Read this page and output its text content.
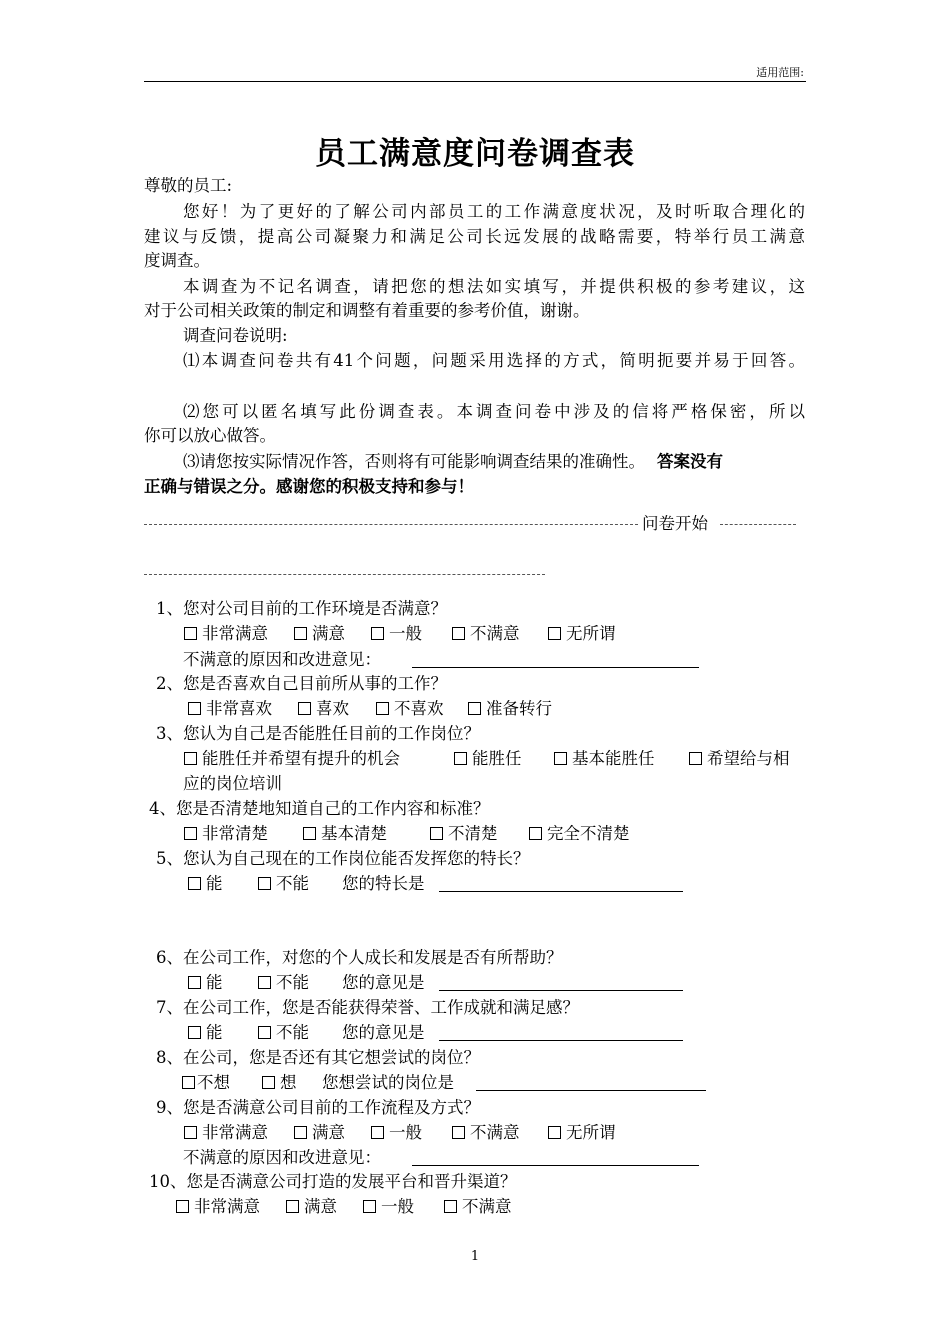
适用范围:
员工满意度问卷调查表
尊敬的员工:
您好！为了更好的了解公司内部员工的工作满意度状况，及时听取合理化的
建议与反馈，提高公司凝聚力和满足公司长远发展的战略需要，特举行员工满意
度调查。
本调查为不记名调查，请把您的想法如实填写，并提供积极的参考建议，这
对于公司相关政策的制定和调整有着重要的参考价值，谢谢。
调查问卷说明:
⑴本调查问卷共有41个问题，问题采用选择的方式，简明扼要并易于回答。
⑵您可以匿名填写此份调查表。本调查问卷中涉及的信将严格保密，所以
你可以放心做答。
⑶请您按实际情况作答，否则将有可能影响调查结果的准确性。 答案没有
正确与错误之分。感谢您的积极支持和参与！
问卷开始
1、您对公司目前的工作环境是否满意？
非常满意	满意	一般	不满意	无所谓
不满意的原因和改进意见：
2、您是否喜欢自己目前所从事的工作？
非常喜欢	喜欢	不喜欢	准备转行
3、您认为自己是否能胜任目前的工作岗位？
能胜任并希望有提升的机会	能胜任	基本能胜任	希望给与相
应的岗位培训
4、您是否清楚地知道自己的工作内容和标准？
非常清楚	基本清楚	不清楚	完全不清楚
5、您认为自己现在的工作岗位能否发挥您的特长？
能	不能 您的特长是
6、在公司工作，对您的个人成长和发展是否有所帮助？
能	不能 您的意见是
7、在公司工作，您是否能获得荣誉、工作成就和满足感？
能	不能 您的意见是
8、在公司，您是否还有其它想尝试的岗位？
不想	想 您想尝试的岗位是
9、您是否满意公司目前的工作流程及方式？
非常满意	满意	一般	不满意	无所谓
不满意的原因和改进意见：
10、您是否满意公司打造的发展平台和晋升渠道？
非常满意	满意	一般	不满意
1
